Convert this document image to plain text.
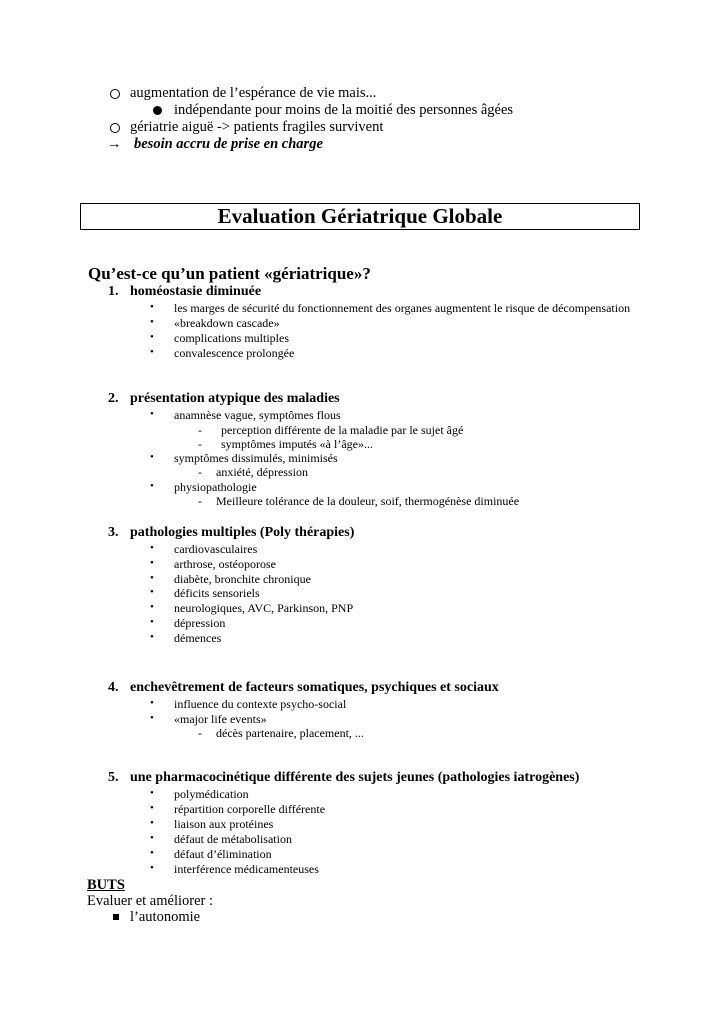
augmentation de l’espérance de vie mais...
indépendante pour moins de la moitié des personnes âgées
gériatrie aiguë -> patients fragiles survivent
→ besoin accru de prise en charge
Evaluation Gériatrique Globale
Qu’est-ce qu’un patient «gériatrique»?
1. homéostasie diminuée
• les marges de sécurité du fonctionnement des organes augmentent le risque de décompensation
• «breakdown cascade»
• complications multiples
• convalescence prolongée
2. présentation atypique des maladies
• anamnèse vague, symptômes flous
- perception différente de la maladie par le sujet âgé
- symptômes imputés «à l’âge»...
• symptômes dissimulés, minimisés
- anxiété, dépression
• physiopathologie
- Meilleure tolérance de la douleur, soif, thermogénèse diminuée
3. pathologies multiples (Poly thérapies)
• cardiovasculaires
• arthrose, ostéoporose
• diabète, bronchite chronique
• déficits sensoriels
• neurologiques, AVC, Parkinson, PNP
• dépression
• démences
4. enchevêtrement de facteurs somatiques, psychiques et sociaux
• influence du contexte psycho-social
• «major life events»
- décès partenaire, placement, ...
5. une pharmacocinétique différente des sujets jeunes (pathologies iatrogènes)
• polymédication
• répartition corporelle différente
• liaison aux protéines
• défaut de métabolisation
• défaut d’élimination
• interférence médicamenteuses
BUTS
Evaluer et améliorer :
l’autonomie
